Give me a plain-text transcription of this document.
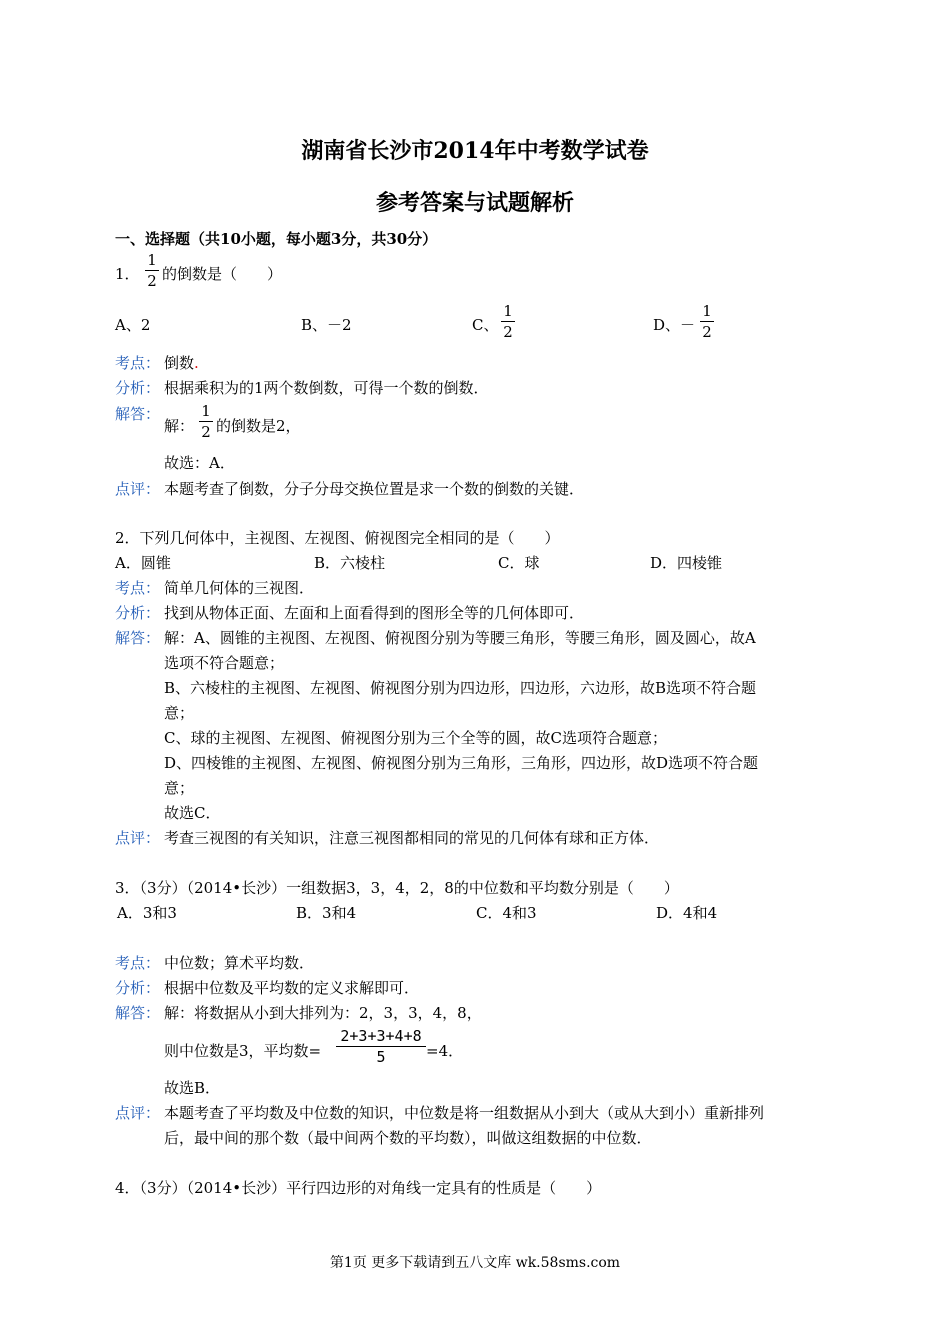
湖南省长沙市2014年中考数学试卷
参考答案与试题解析
一、选择题（共10小题，每小题3分，共30分）
1．
1
2 的倒数是（　　）
A、2	B、－2	C、
1
2	D、－
1
2
考点： 倒数.
分析： 根据乘积为的1两个数倒数，可得一个数的倒数．
解答：
解：
1
2 的倒数是2，
故选：A．
点评： 本题考查了倒数，分子分母交换位置是求一个数的倒数的关键．
2．下列几何体中，主视图、左视图、俯视图完全相同的是（　　）
A．圆锥	B．六棱柱	C．球	D．四棱锥
考点： 简单几何体的三视图．
分析： 找到从物体正面、左面和上面看得到的图形全等的几何体即可．
解答： 解：A、圆锥的主视图、左视图、俯视图分别为等腰三角形，等腰三角形，圆及圆心，故A
选项不符合题意；
B、六棱柱的主视图、左视图、俯视图分别为四边形，四边形，六边形，故B选项不符合题
意；
C、球的主视图、左视图、俯视图分别为三个全等的圆，故C选项符合题意；
D、四棱锥的主视图、左视图、俯视图分别为三角形，三角形，四边形，故D选项不符合题
意；
故选C．
点评： 考查三视图的有关知识，注意三视图都相同的常见的几何体有球和正方体．
3．（3分）（2014•长沙）一组数据3，3，4，2，8的中位数和平均数分别是（　　）
A．3和3	B．3和4	C．4和3	D．4和4
考点： 中位数；算术平均数．
分析： 根据中位数及平均数的定义求解即可．
解答： 解：将数据从小到大排列为：2，3，3，4，8，
则中位数是3，平均数=
2+3+3+4+8
5	=4．
故选B．
点评： 本题考查了平均数及中位数的知识，中位数是将一组数据从小到大（或从大到小）重新排列
后，最中间的那个数（最中间两个数的平均数），叫做这组数据的中位数．
4．（3分）（2014•长沙）平行四边形的对角线一定具有的性质是（　　）
第1页 更多下载请到五八文库 wk.58sms.com
